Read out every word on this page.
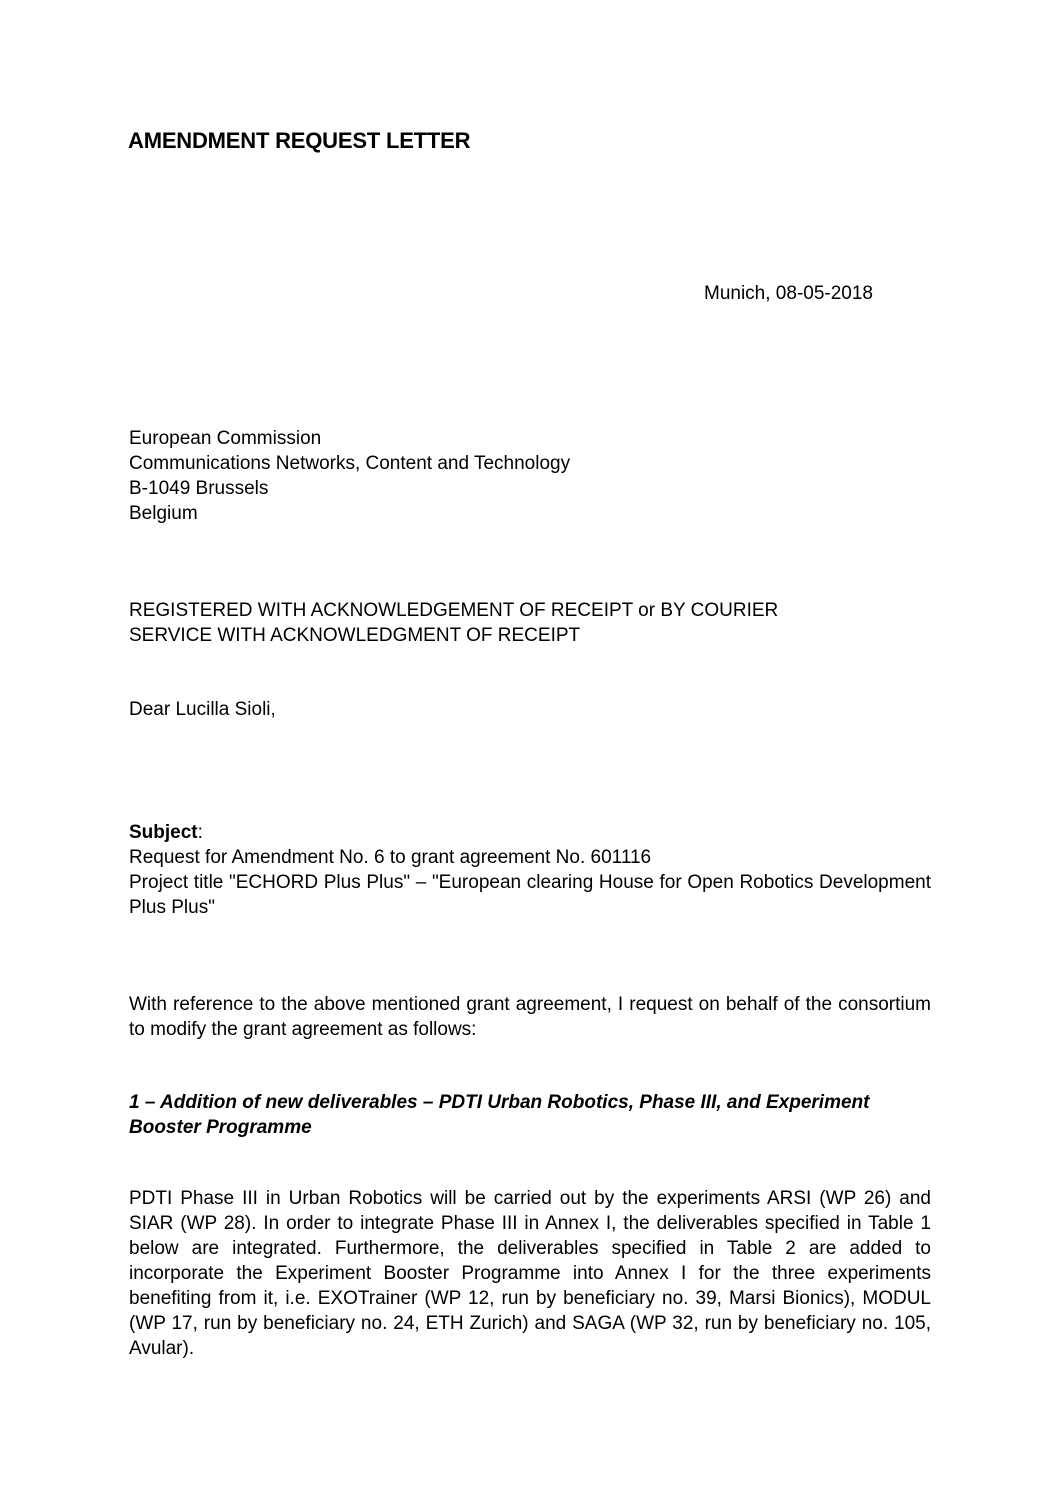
AMENDMENT REQUEST LETTER
Munich, 08-05-2018
European Commission
Communications Networks, Content and Technology
B-1049 Brussels
Belgium
REGISTERED WITH ACKNOWLEDGEMENT OF RECEIPT or BY COURIER
SERVICE WITH ACKNOWLEDGMENT OF RECEIPT
Dear Lucilla Sioli,
Subject:
Request for Amendment No. 6 to grant agreement No. 601116
Project title "ECHORD Plus Plus" – "European clearing House for Open Robotics Development Plus Plus"
With reference to the above mentioned grant agreement, I request on behalf of the consortium to modify the grant agreement as follows:
1 – Addition of new deliverables – PDTI Urban Robotics, Phase III, and Experiment Booster Programme
PDTI Phase III in Urban Robotics will be carried out by the experiments ARSI (WP 26) and SIAR (WP 28). In order to integrate Phase III in Annex I, the deliverables specified in Table 1 below are integrated. Furthermore, the deliverables specified in Table 2 are added to incorporate the Experiment Booster Programme into Annex I for the three experiments benefiting from it, i.e. EXOTrainer (WP 12, run by beneficiary no. 39, Marsi Bionics), MODUL (WP 17, run by beneficiary no. 24, ETH Zurich) and SAGA (WP 32, run by beneficiary no. 105, Avular).
